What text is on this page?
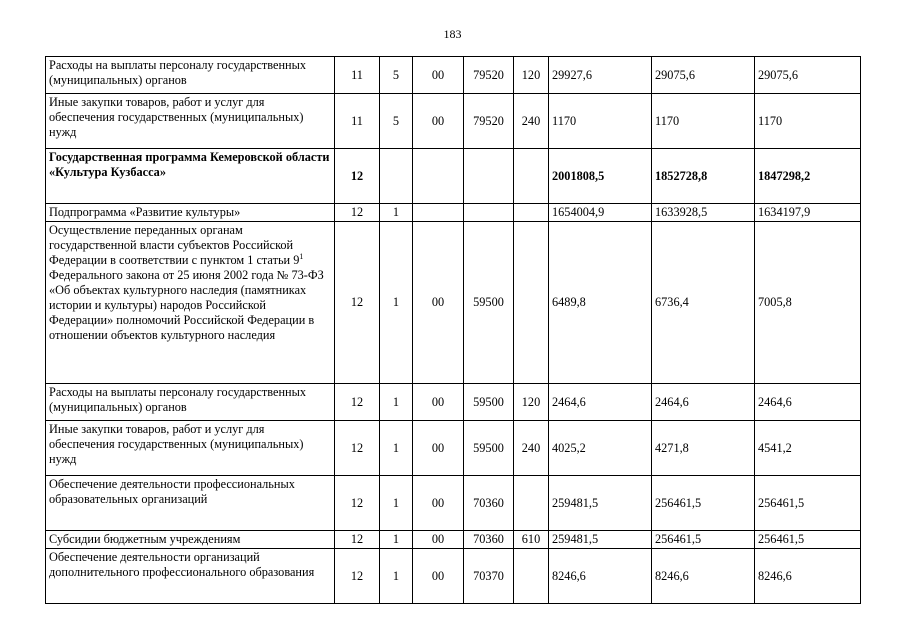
183
Расходы на выплаты персоналу государственных (муниципальных) органов	11	5	00	79520	120	29927,6	29075,6	29075,6
Иные закупки товаров, работ и услуг для обеспечения государственных (муниципальных) нужд	11	5	00	79520	240	1170	1170	1170
Государственная программа Кемеровской области «Культура Кузбасса»	12					2001808,5	1852728,8	1847298,2
Подпрограмма «Развитие культуры»	12	1				1654004,9	1633928,5	1634197,9
Осуществление переданных органам государственной власти субъектов Российской Федерации в соответствии с пунктом 1 статьи $9^1$ Федерального закона от 25 июня 2002 года № 73-ФЗ «Об объектах культурного наследия (памятниках истории и культуры) народов Российской Федерации» полномочий Российской Федерации в отношении объектов культурного наследия	12	1	00	59500		6489,8	6736,4	7005,8
Расходы на выплаты персоналу государственных (муниципальных) органов	12	1	00	59500	120	2464,6	2464,6	2464,6
Иные закупки товаров, работ и услуг для обеспечения государственных (муниципальных) нужд	12	1	00	59500	240	4025,2	4271,8	4541,2
Обеспечение деятельности профессиональных образовательных организаций	12	1	00	70360		259481,5	256461,5	256461,5
Субсидии бюджетным учреждениям	12	1	00	70360	610	259481,5	256461,5	256461,5
Обеспечение деятельности организаций дополнительного профессионального образования	12	1	00	70370		8246,6	8246,6	8246,6
